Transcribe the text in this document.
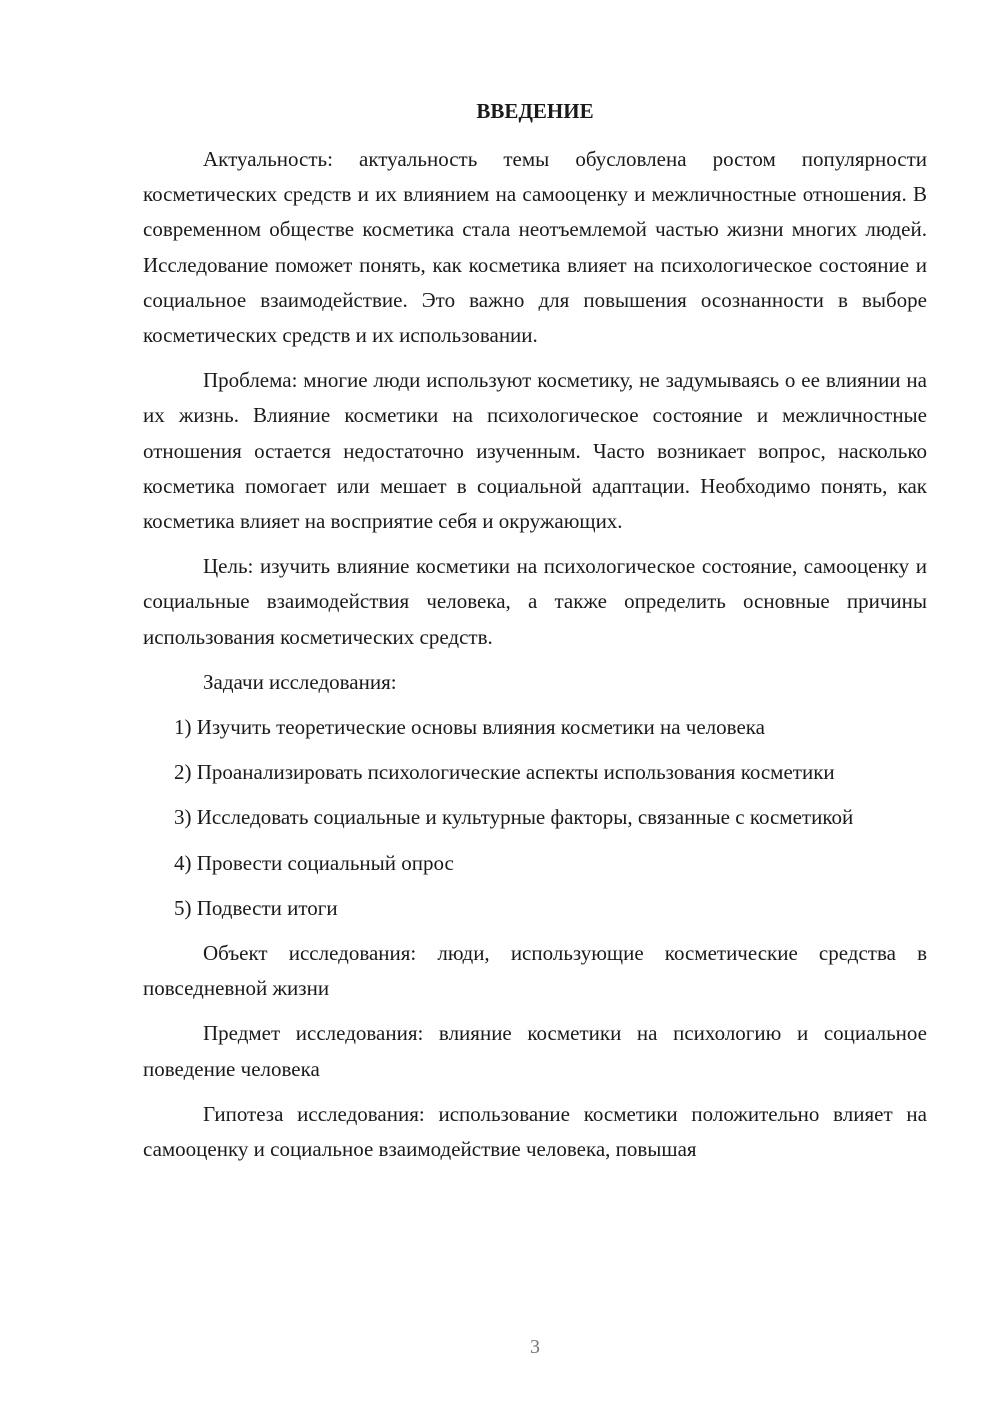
ВВЕДЕНИЕ

Актуальность: актуальность темы обусловлена ростом популярности косметических средств и их влиянием на самооценку и межличностные отношения. В современном обществе косметика стала неотъемлемой частью жизни многих людей. Исследование поможет понять, как косметика влияет на психологическое состояние и социальное взаимодействие. Это важно для повышения осознанности в выборе косметических средств и их использовании.

Проблема: многие люди используют косметику, не задумываясь о ее влиянии на их жизнь. Влияние косметики на психологическое состояние и межличностные отношения остается недостаточно изученным. Часто возникает вопрос, насколько косметика помогает или мешает в социальной адаптации. Необходимо понять, как косметика влияет на восприятие себя и окружающих.

Цель: изучить влияние косметики на психологическое состояние, самооценку и социальные взаимодействия человека, а также определить основные причины использования косметических средств.

Задачи исследования:

1) Изучить теоретические основы влияния косметики на человека

2) Проанализировать психологические аспекты использования косметики

3) Исследовать социальные и культурные факторы, связанные с косметикой

4) Провести социальный опрос

5) Подвести итоги

Объект исследования: люди, использующие косметические средства в повседневной жизни

Предмет исследования: влияние косметики на психологию и социальное поведение человека

Гипотеза исследования: использование косметики положительно влияет на самооценку и социальное взаимодействие человека, повышая

3
